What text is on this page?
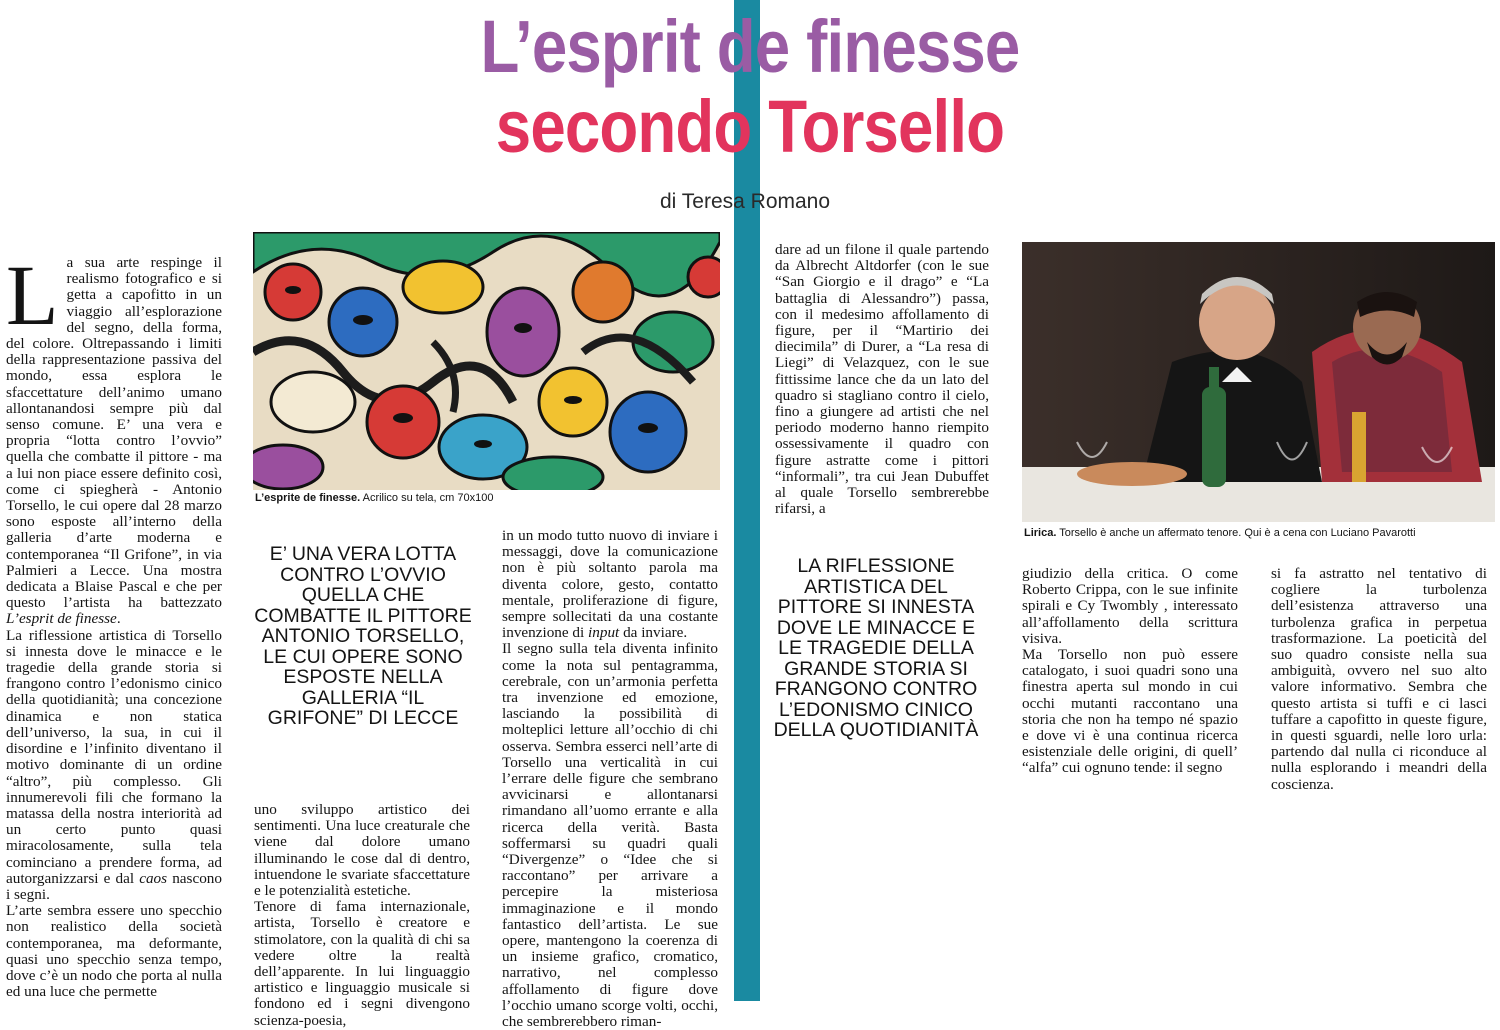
L’esprit de finesse
secondo Torsello
di Teresa Romano

La sua arte respinge il realismo fotografico e si getta a capofitto in un viaggio all’esplorazione del segno, della forma, del colore. Oltrepassando i limiti della rappresentazione passiva del mondo, essa esplora le sfaccettature dell’animo umano allontanandosi sempre più dal senso comune. E’ una vera e propria “lotta contro l’ovvio” quella che combatte il pittore - ma a lui non piace essere definito così, come ci spiegherà - Antonio Torsello, le cui opere dal 28 marzo sono esposte all’interno della galleria d’arte moderna e contemporanea “Il Grifone”, in via Palmieri a Lecce. Una mostra dedicata a Blaise Pascal e che per questo l’artista ha battezzato L’esprit de finesse.

La riflessione artistica di Torsello si innesta dove le minacce e le tragedie della grande storia si frangono contro l’edonismo cinico della quotidianità; una concezione dinamica e non statica dell’universo, la sua, in cui il disordine e l’infinito diventano il motivo dominante di un ordine “altro”, più complesso. Gli innumerevoli fili che formano la matassa della nostra interiorità ad un certo punto quasi miracolosamente, sulla tela cominciano a prendere forma, ad autorganizzarsi e dal caos nascono i segni.

L’arte sembra essere uno specchio non realistico della società contemporanea, ma deformante, quasi uno specchio senza tempo, dove c’è un nodo che porta al nulla ed una luce che permette

L’esprite de finesse. Acrilico su tela, cm 70x100
E’ UNA VERA LOTTA CONTRO L’OVVIO QUELLA CHE COMBATTE IL PITTORE ANTONIO TORSELLO, LE CUI OPERE SONO ESPOSTE NELLA GALLERIA “IL GRIFONE” DI LECCE

uno sviluppo artistico dei sentimenti. Una luce creaturale che viene dal dolore umano illuminando le cose dal di dentro, intuendone le svariate sfaccettature e le potenzialità estetiche.

Tenore di fama internazionale, artista, Torsello è creatore e stimolatore, con la qualità di chi sa vedere oltre la realtà dell’apparente. In lui linguaggio artistico e linguaggio musicale si fondono ed i segni divengono scienza-poesia,

in un modo tutto nuovo di inviare i messaggi, dove la comunicazione non è più soltanto parola ma diventa colore, gesto, contatto mentale, proliferazione di figure, sempre sollecitati da una costante invenzione di input da inviare.

Il segno sulla tela diventa infinito come la nota sul pentagramma, cerebrale, con un’armonia perfetta tra invenzione ed emozione, lasciando la possibilità di molteplici letture all’occhio di chi osserva. Sembra esserci nell’arte di Torsello una verticalità in cui l’errare delle figure che sembrano avvicinarsi e allontanarsi rimandano all’uomo errante e alla ricerca della verità. Basta soffermarsi su quadri quali “Divergenze” o “Idee che si raccontano” per arrivare a percepire la misteriosa immaginazione e il mondo fantastico dell’artista. Le sue opere, mantengono la coerenza di un insieme grafico, cromatico, narrativo, nel complesso affollamento di figure dove l’occhio umano scorge volti, occhi, che sembrerebbero riman-

dare ad un filone il quale partendo da Albrecht Altdorfer (con le sue “San Giorgio e il drago” e “La battaglia di Alessandro”) passa, con il medesimo affollamento di figure, per il “Martirio dei diecimila” di Durer, a “La resa di Liegi” di Velazquez, con le sue fittissime lance che da un lato del quadro si stagliano contro il cielo, fino a giungere ad artisti che nel periodo moderno hanno riempito ossessivamente il quadro con figure astratte come i pittori “informali”, tra cui Jean Dubuffet al quale Torsello sembrerebbe rifarsi, a

LA RIFLESSIONE ARTISTICA DEL PITTORE SI INNESTA DOVE LE MINACCE E LE TRAGEDIE DELLA GRANDE STORIA SI FRANGONO CONTRO L’EDONISMO CINICO DELLA QUOTIDIANITÀ
Lirica. Torsello è anche un affermato tenore. Qui è a cena con Luciano Pavarotti

giudizio della critica. O come Roberto Crippa, con le sue infinite spirali e Cy Twombly , interessato all’affollamento della scrittura visiva.

Ma Torsello non può essere catalogato, i suoi quadri sono una finestra aperta sul mondo in cui occhi mutanti raccontano una storia che non ha tempo né spazio e dove vi è una continua ricerca esistenziale delle origini, di quell’ “alfa” cui ognuno tende: il segno

si fa astratto nel tentativo di cogliere la turbolenza dell’esistenza attraverso una turbolenza grafica in perpetua trasformazione. La poeticità del suo quadro consiste nella sua ambiguità, ovvero nel suo alto valore informativo. Sembra che questo artista si tuffi e ci lasci tuffare a capofitto in queste figure, in questi sguardi, nelle loro urla: partendo dal nulla ci riconduce al nulla esplorando i meandri della coscienza.
